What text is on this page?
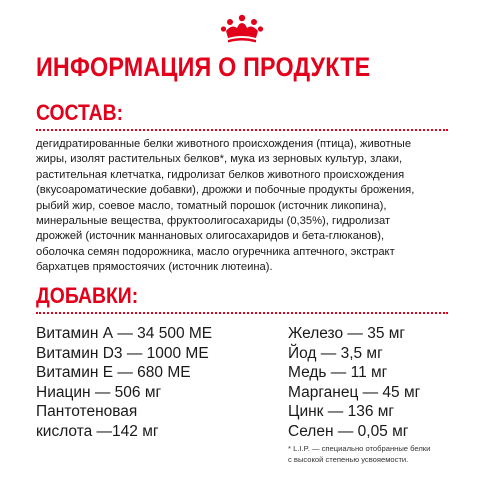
ИНФОРМАЦИЯ О ПРОДУКТЕ
СОСТАВ:
дегидратированные белки животного происхождения (птица), животные
жиры, изолят растительных белков*, мука из зерновых культур, злаки,
растительная клетчатка, гидролизат белков животного происхождения
(вкусоароматические добавки), дрожжи и побочные продукты брожения,
рыбий жир, соевое масло, томатный порошок (источник ликопина),
минеральные вещества, фруктоолигосахариды (0,35%), гидролизат
дрожжей (источник маннановых олигосахаридов и бета-глюканов),
оболочка семян подорожника, масло огуречника аптечного, экстракт
бархатцев прямостоячих (источник лютеина).
ДОБАВКИ:
Витамин А — 34 500 МЕ
Витамин D3 — 1000 МЕ
Витамин Е — 680 МЕ
Ниацин — 506 мг
Пантотеновая
кислота —142 мг
Железо — 35 мг
Йод — 3,5 мг
Медь — 11 мг
Марганец — 45 мг
Цинк — 136 мг
Селен — 0,05 мг
* L.I.P. — специально отобранные белки
с высокой степенью усвояемости.
